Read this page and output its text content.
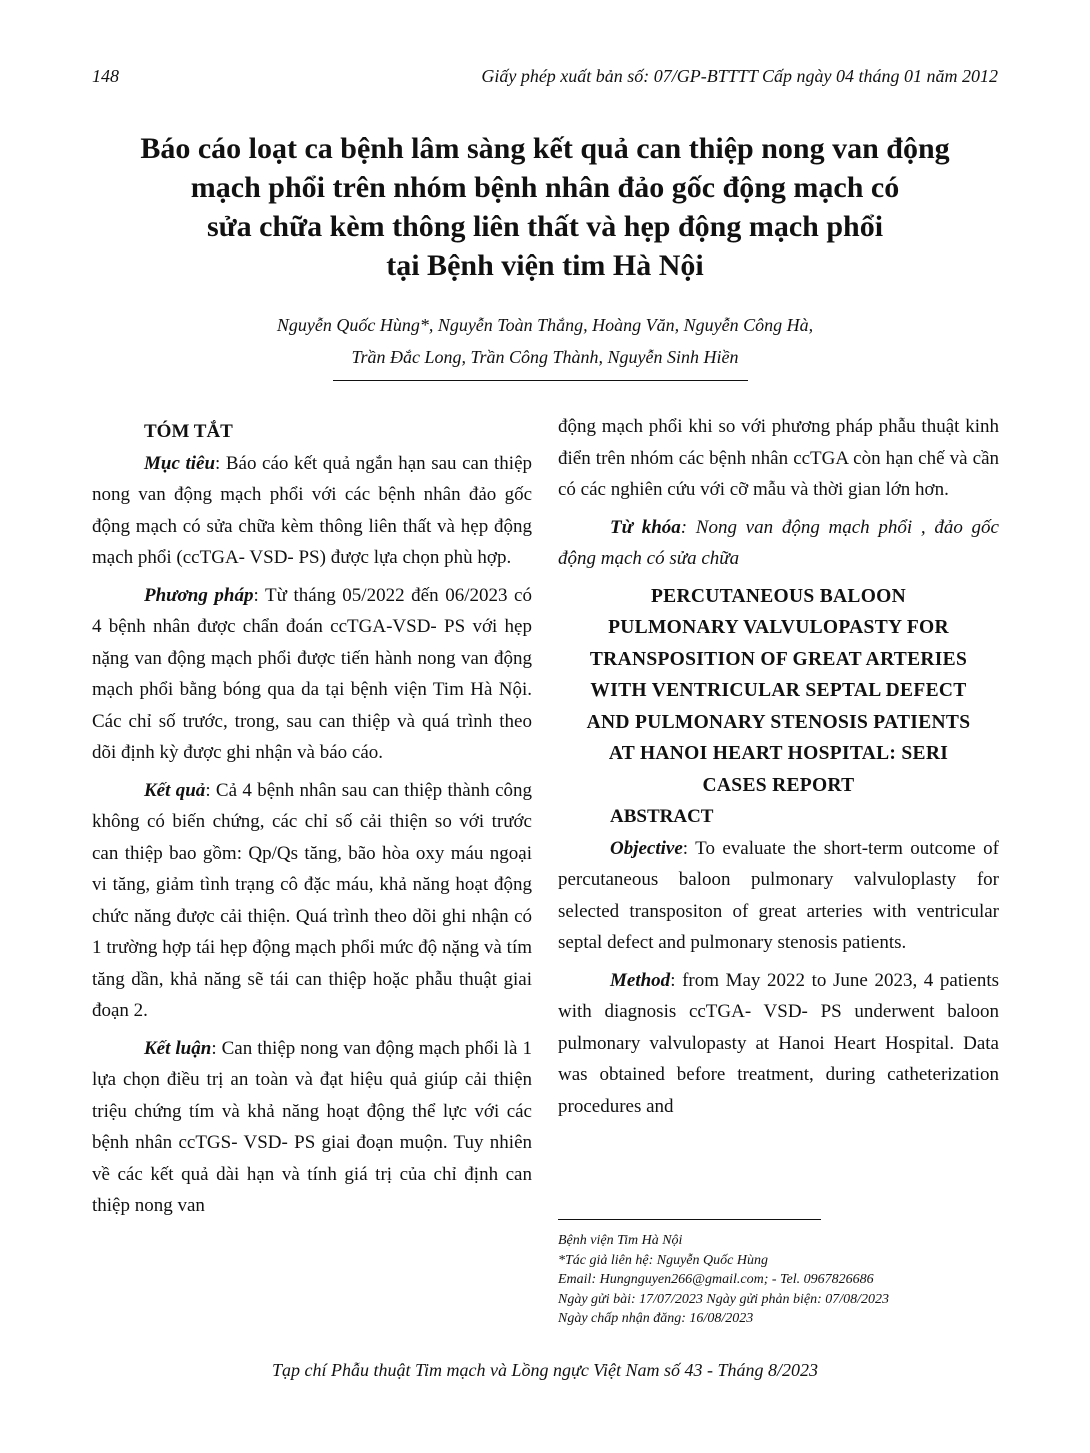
148	Giấy phép xuất bản số: 07/GP-BTTTT Cấp ngày 04 tháng 01 năm 2012
Báo cáo loạt ca bệnh lâm sàng kết quả can thiệp nong van động
mạch phổi trên nhóm bệnh nhân đảo gốc động mạch có
sửa chữa kèm thông liên thất và hẹp động mạch phổi
tại Bệnh viện tim Hà Nội
Nguyễn Quốc Hùng*, Nguyễn Toàn Thắng, Hoàng Văn, Nguyễn Công Hà,
Trần Đắc Long, Trần Công Thành, Nguyễn Sinh Hiền
TÓM TẮT

Mục tiêu: Báo cáo kết quả ngắn hạn sau can thiệp nong van động mạch phổi với các bệnh nhân đảo gốc động mạch có sửa chữa kèm thông liên thất và hẹp động mạch phổi (ccTGA- VSD- PS) được lựa chọn phù hợp.

Phương pháp: Từ tháng 05/2022 đến 06/2023 có 4 bệnh nhân được chẩn đoán ccTGA-VSD- PS với hẹp nặng van động mạch phổi được tiến hành nong van động mạch phổi bằng bóng qua da tại bệnh viện Tim Hà Nội. Các chỉ số trước, trong, sau can thiệp và quá trình theo dõi định kỳ được ghi nhận và báo cáo.

Kết quả: Cả 4 bệnh nhân sau can thiệp thành công không có biến chứng, các chỉ số cải thiện so với trước can thiệp bao gồm: Qp/Qs tăng, bão hòa oxy máu ngoại vi tăng, giảm tình trạng cô đặc máu, khả năng hoạt động chức năng được cải thiện. Quá trình theo dõi ghi nhận có 1 trường hợp tái hẹp động mạch phổi mức độ nặng và tím tăng dần, khả năng sẽ tái can thiệp hoặc phẫu thuật giai đoạn 2.

Kết luận: Can thiệp nong van động mạch phổi là 1 lựa chọn điều trị an toàn và đạt hiệu quả giúp cải thiện triệu chứng tím và khả năng hoạt động thể lực với các bệnh nhân ccTGS- VSD- PS giai đoạn muộn. Tuy nhiên về các kết quả dài hạn và tính giá trị của chỉ định can thiệp nong van

động mạch phổi khi so với phương pháp phẫu thuật kinh điển trên nhóm các bệnh nhân ccTGA còn hạn chế và cần có các nghiên cứu với cỡ mẫu và thời gian lớn hơn.

Từ khóa: Nong van động mạch phổi , đảo gốc động mạch có sửa chữa

PERCUTANEOUS BALOON
PULMONARY VALVULOPASTY FOR
TRANSPOSITION OF GREAT ARTERIES
WITH VENTRICULAR SEPTAL DEFECT
AND PULMONARY STENOSIS PATIENTS
AT HANOI HEART HOSPITAL: SERI
CASES REPORT
ABSTRACT

Objective: To evaluate the short-term outcome of percutaneous baloon pulmonary valvuloplasty for selected transpositon of great arteries with ventricular septal defect and pulmonary stenosis patients.

Method: from May 2022 to June 2023, 4 patients with diagnosis ccTGA- VSD- PS underwent baloon pulmonary valvulopasty at Hanoi Heart Hospital. Data was obtained before treatment, during catheterization procedures and

Bệnh viện Tim Hà Nội
*Tác giả liên hệ: Nguyễn Quốc Hùng
Email: Hungnguyen266@gmail.com; - Tel. 0967826686
Ngày gửi bài: 17/07/2023 Ngày gửi phản biện: 07/08/2023
Ngày chấp nhận đăng: 16/08/2023
Tạp chí Phẫu thuật Tim mạch và Lồng ngực Việt Nam số 43 - Tháng 8/2023
